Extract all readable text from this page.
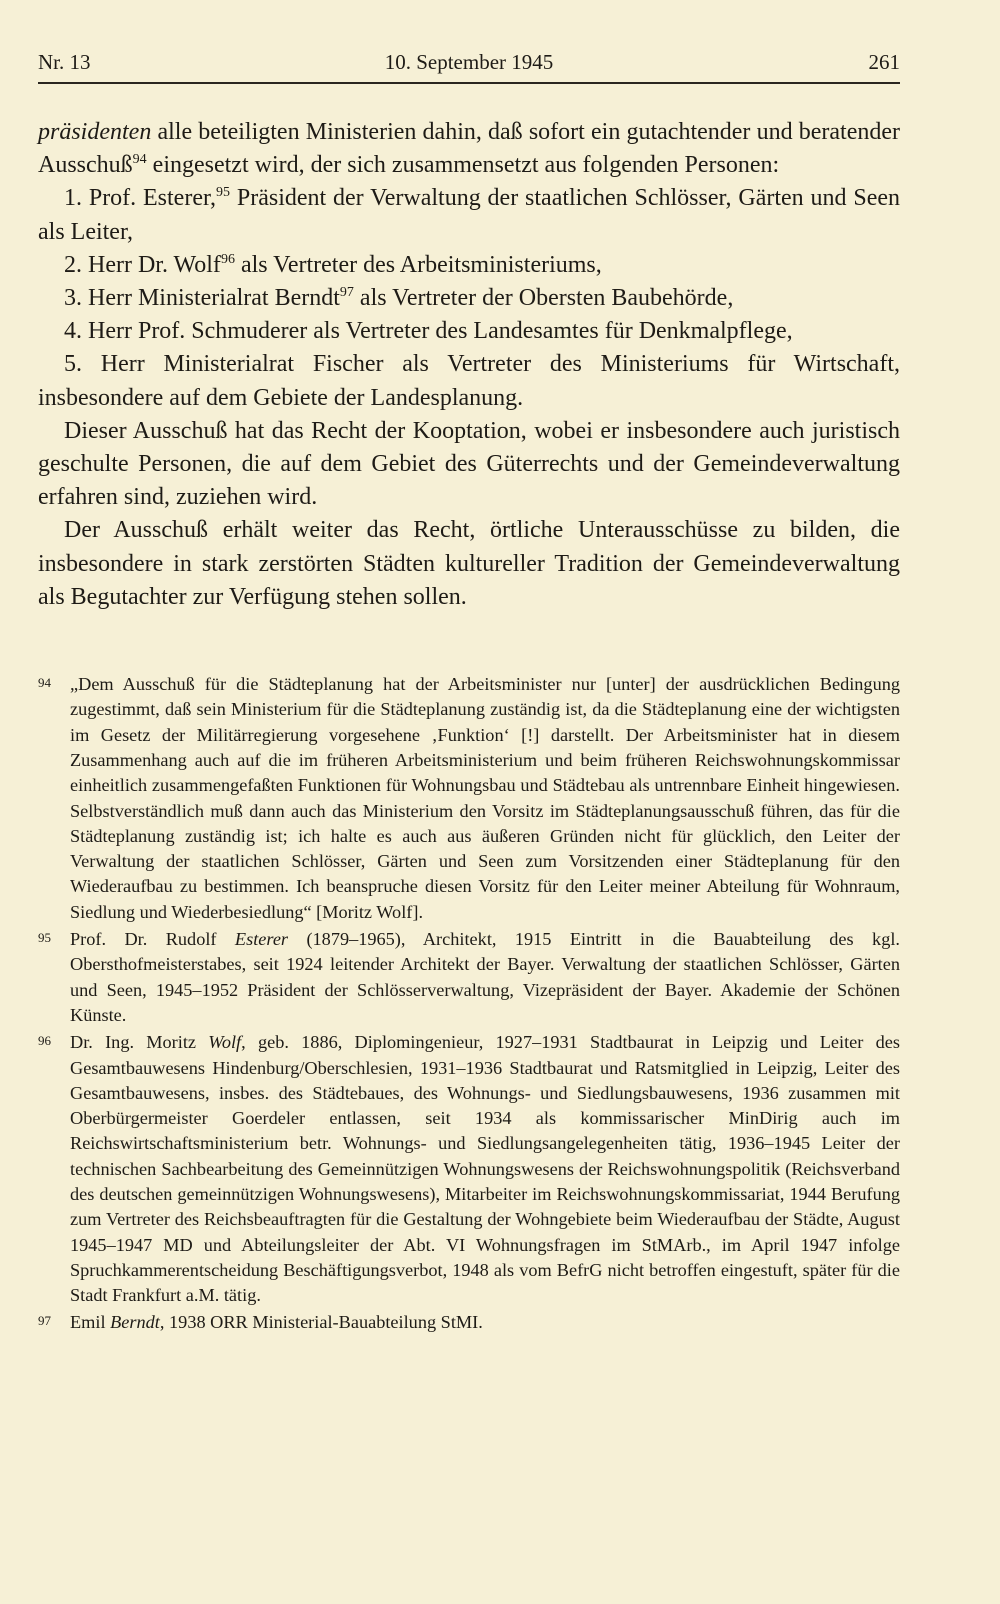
Nr. 13	10. September 1945	261

präsidenten alle beteiligten Ministerien dahin, daß sofort ein gutachtender und beratender Ausschuß$^{94}$ eingesetzt wird, der sich zusammensetzt aus folgenden Personen:

1. Prof. Esterer,$^{95}$ Präsident der Verwaltung der staatlichen Schlösser, Gärten und Seen als Leiter,

2. Herr Dr. Wolf$^{96}$ als Vertreter des Arbeitsministeriums,

3. Herr Ministerialrat Berndt$^{97}$ als Vertreter der Obersten Baubehörde,

4. Herr Prof. Schmuderer als Vertreter des Landesamtes für Denkmalpflege,

5. Herr Ministerialrat Fischer als Vertreter des Ministeriums für Wirtschaft, insbesondere auf dem Gebiete der Landesplanung.

Dieser Ausschuß hat das Recht der Kooptation, wobei er insbesondere auch juristisch geschulte Personen, die auf dem Gebiet des Güterrechts und der Gemeindeverwaltung erfahren sind, zuziehen wird.

Der Ausschuß erhält weiter das Recht, örtliche Unterausschüsse zu bilden, die insbesondere in stark zerstörten Städten kultureller Tradition der Gemeindeverwaltung als Begutachter zur Verfügung stehen sollen.

94 „Dem Ausschuß für die Städteplanung hat der Arbeitsminister nur [unter] der ausdrücklichen Bedingung zugestimmt, daß sein Ministerium für die Städteplanung zuständig ist, da die Städteplanung eine der wichtigsten im Gesetz der Militärregierung vorgesehene ‚Funktion‘ [!] darstellt. Der Arbeitsminister hat in diesem Zusammenhang auch auf die im früheren Arbeitsministerium und beim früheren Reichswohnungskommissar einheitlich zusammengefaßten Funktionen für Wohnungsbau und Städtebau als untrennbare Einheit hingewiesen. Selbstverständlich muß dann auch das Ministerium den Vorsitz im Städteplanungsausschuß führen, das für die Städteplanung zuständig ist; ich halte es auch aus äußeren Gründen nicht für glücklich, den Leiter der Verwaltung der staatlichen Schlösser, Gärten und Seen zum Vorsitzenden einer Städteplanung für den Wiederaufbau zu bestimmen. Ich beanspruche diesen Vorsitz für den Leiter meiner Abteilung für Wohnraum, Siedlung und Wiederbesiedlung“ [Moritz Wolf].

95 Prof. Dr. Rudolf Esterer (1879–1965), Architekt, 1915 Eintritt in die Bauabteilung des kgl. Obersthofmeisterstabes, seit 1924 leitender Architekt der Bayer. Verwaltung der staatlichen Schlösser, Gärten und Seen, 1945–1952 Präsident der Schlösserverwaltung, Vizepräsident der Bayer. Akademie der Schönen Künste.

96 Dr. Ing. Moritz Wolf, geb. 1886, Diplomingenieur, 1927–1931 Stadtbaurat in Leipzig und Leiter des Gesamtbauwesens Hindenburg/Oberschlesien, 1931–1936 Stadtbaurat und Ratsmitglied in Leipzig, Leiter des Gesamtbauwesens, insbes. des Städtebaues, des Wohnungs- und Siedlungsbauwesens, 1936 zusammen mit Oberbürgermeister Goerdeler entlassen, seit 1934 als kommissarischer MinDirig auch im Reichswirtschaftsministerium betr. Wohnungs- und Siedlungsangelegenheiten tätig, 1936–1945 Leiter der technischen Sachbearbeitung des Gemeinnützigen Wohnungswesens der Reichswohnungspolitik (Reichsverband des deutschen gemeinnützigen Wohnungswesens), Mitarbeiter im Reichswohnungskommissariat, 1944 Berufung zum Vertreter des Reichsbeauftragten für die Gestaltung der Wohngebiete beim Wiederaufbau der Städte, August 1945–1947 MD und Abteilungsleiter der Abt. VI Wohnungsfragen im StMArb., im April 1947 infolge Spruchkammerentscheidung Beschäftigungsverbot, 1948 als vom BefrG nicht betroffen eingestuft, später für die Stadt Frankfurt a.M. tätig.

97 Emil Berndt, 1938 ORR Ministerial-Bauabteilung StMI.
